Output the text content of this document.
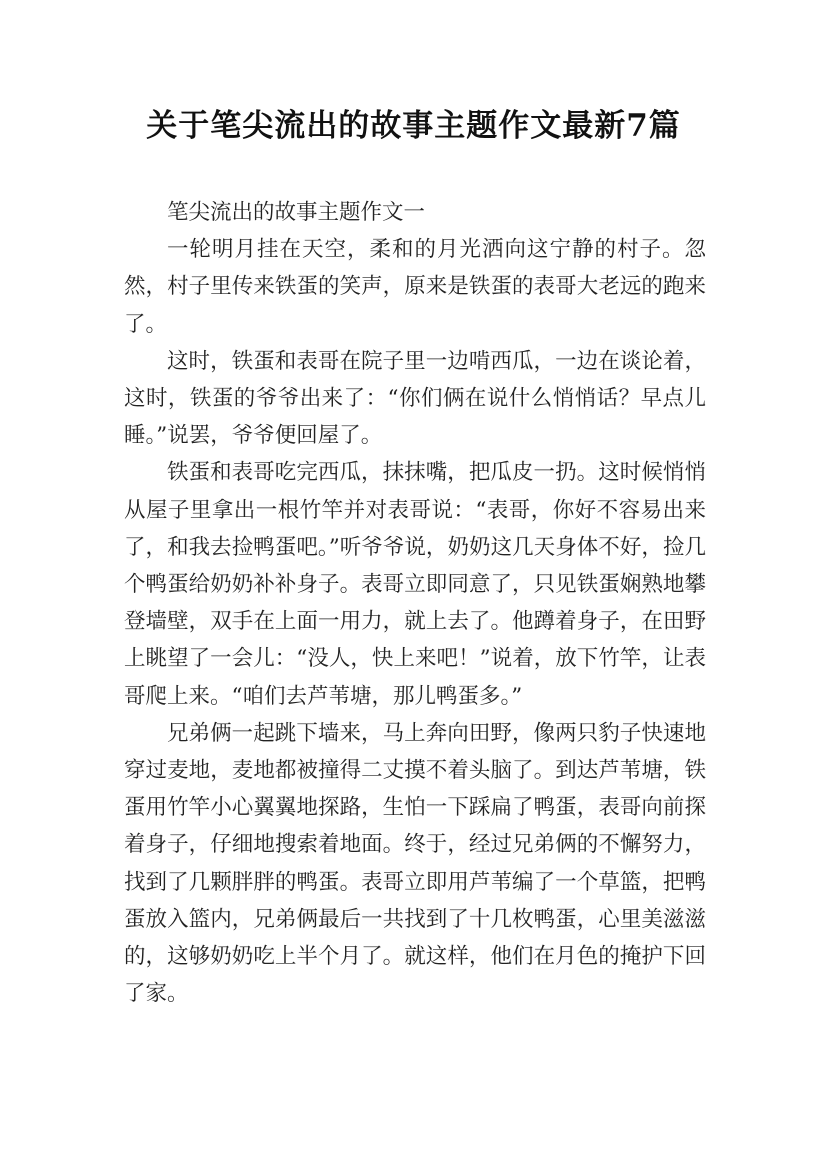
关于笔尖流出的故事主题作文最新7篇

笔尖流出的故事主题作文一

一轮明月挂在天空，柔和的月光洒向这宁静的村子。忽然，村子里传来铁蛋的笑声，原来是铁蛋的表哥大老远的跑来了。

这时，铁蛋和表哥在院子里一边啃西瓜，一边在谈论着，这时，铁蛋的爷爷出来了：“你们俩在说什么悄悄话？早点儿睡。”说罢，爷爷便回屋了。

铁蛋和表哥吃完西瓜，抹抹嘴，把瓜皮一扔。这时候悄悄从屋子里拿出一根竹竿并对表哥说：“表哥，你好不容易出来了，和我去捡鸭蛋吧。”听爷爷说，奶奶这几天身体不好，捡几个鸭蛋给奶奶补补身子。表哥立即同意了，只见铁蛋娴熟地攀登墙壁，双手在上面一用力，就上去了。他蹲着身子，在田野上眺望了一会儿：“没人，快上来吧！”说着，放下竹竿，让表哥爬上来。“咱们去芦苇塘，那儿鸭蛋多。”

兄弟俩一起跳下墙来，马上奔向田野，像两只豹子快速地穿过麦地，麦地都被撞得二丈摸不着头脑了。到达芦苇塘，铁蛋用竹竿小心翼翼地探路，生怕一下踩扁了鸭蛋，表哥向前探着身子，仔细地搜索着地面。终于，经过兄弟俩的不懈努力，找到了几颗胖胖的鸭蛋。表哥立即用芦苇编了一个草篮，把鸭蛋放入篮内，兄弟俩最后一共找到了十几枚鸭蛋，心里美滋滋的，这够奶奶吃上半个月了。就这样，他们在月色的掩护下回了家。
